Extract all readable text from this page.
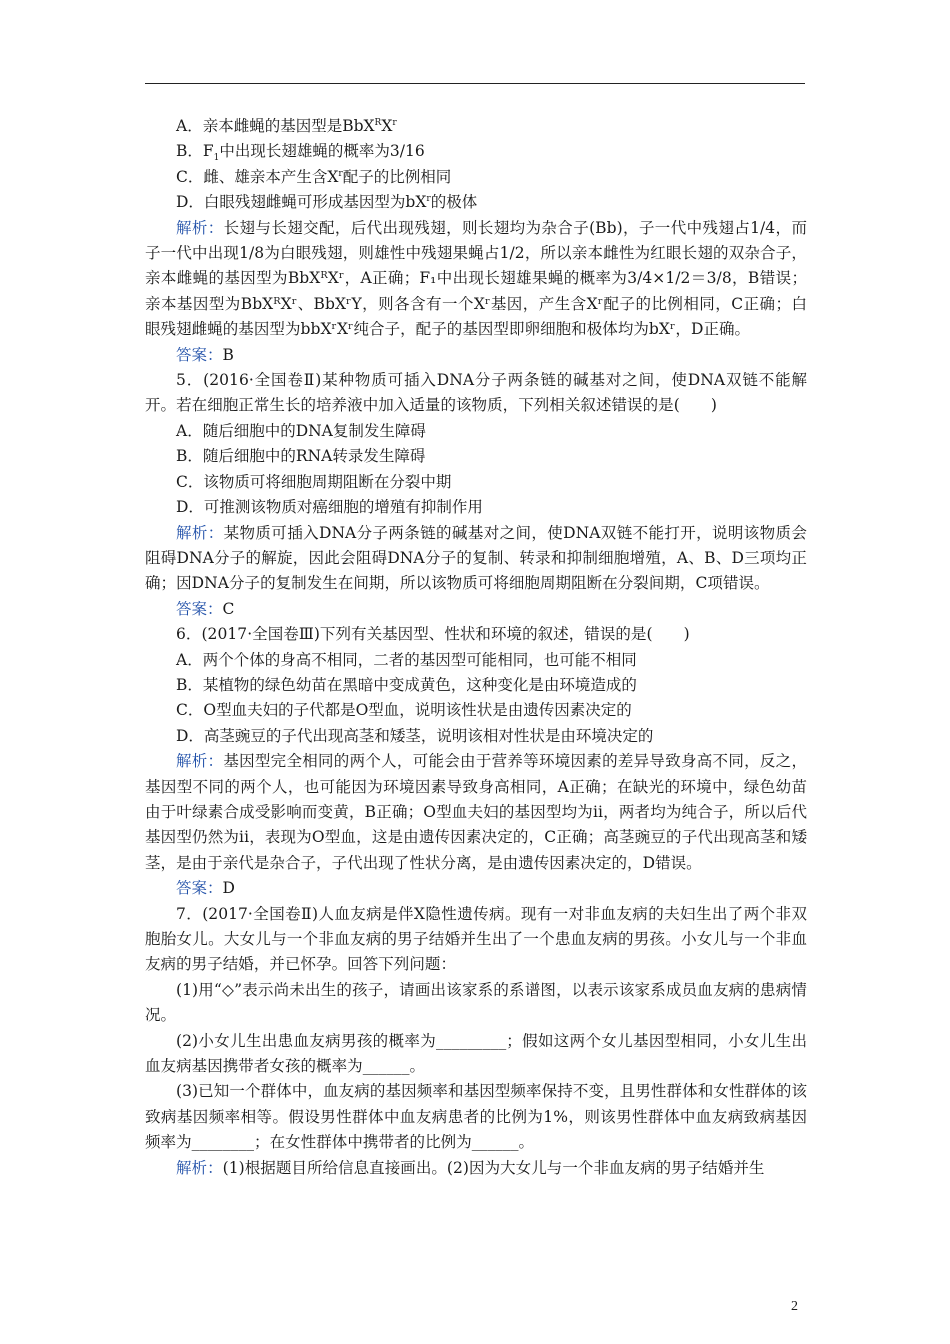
A．亲本雌蝇的基因型是$BbX^RX^r$

B．$F_1$中出现长翅雄蝇的概率为3/16

C．雌、雄亲本产生含$X^r$配子的比例相同

D．白眼残翅雌蝇可形成基因型为$bX^r$的极体

解析：长翅与长翅交配，后代出现残翅，则长翅均为杂合子(Bb)，子一代中残翅占1/4，而子一代中出现1/8为白眼残翅，则雄性中残翅果蝇占1/2，所以亲本雌性为红眼长翅的双杂合子，亲本雌蝇的基因型为BbXᴿXʳ，A正确；F₁中出现长翅雄果蝇的概率为3/4×1/2＝3/8，B错误；亲本基因型为BbXᴿXʳ、BbXʳY，则各含有一个Xʳ基因，产生含Xʳ配子的比例相同，C正确；白眼残翅雌蝇的基因型为bbXʳXʳ纯合子，配子的基因型即卵细胞和极体均为bXʳ，D正确。

答案：B

5．(2016·全国卷Ⅱ)某种物质可插入DNA分子两条链的碱基对之间，使DNA双链不能解开。若在细胞正常生长的培养液中加入适量的该物质，下列相关叙述错误的是(　　)

A．随后细胞中的DNA复制发生障碍

B．随后细胞中的RNA转录发生障碍

C．该物质可将细胞周期阻断在分裂中期

D．可推测该物质对癌细胞的增殖有抑制作用

解析：某物质可插入DNA分子两条链的碱基对之间，使DNA双链不能打开，说明该物质会阻碍DNA分子的解旋，因此会阻碍DNA分子的复制、转录和抑制细胞增殖，A、B、D三项均正确；因DNA分子的复制发生在间期，所以该物质可将细胞周期阻断在分裂间期，C项错误。

答案：C

6．(2017·全国卷Ⅲ)下列有关基因型、性状和环境的叙述，错误的是(　　)

A．两个个体的身高不相同，二者的基因型可能相同，也可能不相同

B．某植物的绿色幼苗在黑暗中变成黄色，这种变化是由环境造成的

C．O型血夫妇的子代都是O型血，说明该性状是由遗传因素决定的

D．高茎豌豆的子代出现高茎和矮茎，说明该相对性状是由环境决定的

解析：基因型完全相同的两个人，可能会由于营养等环境因素的差异导致身高不同，反之，基因型不同的两个人，也可能因为环境因素导致身高相同，A正确；在缺光的环境中，绿色幼苗由于叶绿素合成受影响而变黄，B正确；O型血夫妇的基因型均为ii，两者均为纯合子，所以后代基因型仍然为ii，表现为O型血，这是由遗传因素决定的，C正确；高茎豌豆的子代出现高茎和矮茎，是由于亲代是杂合子，子代出现了性状分离，是由遗传因素决定的，D错误。

答案：D

7．(2017·全国卷Ⅱ)人血友病是伴X隐性遗传病。现有一对非血友病的夫妇生出了两个非双胞胎女儿。大女儿与一个非血友病的男子结婚并生出了一个患血友病的男孩。小女儿与一个非血友病的男子结婚，并已怀孕。回答下列问题：

(1)用“◇”表示尚未出生的孩子，请画出该家系的系谱图，以表示该家系成员血友病的患病情况。

(2)小女儿生出患血友病男孩的概率为_________；假如这两个女儿基因型相同，小女儿生出血友病基因携带者女孩的概率为______。

(3)已知一个群体中，血友病的基因频率和基因型频率保持不变，且男性群体和女性群体的该致病基因频率相等。假设男性群体中血友病患者的比例为1%，则该男性群体中血友病致病基因频率为________；在女性群体中携带者的比例为______。

解析：(1)根据题目所给信息直接画出。(2)因为大女儿与一个非血友病的男子结婚并生

2
